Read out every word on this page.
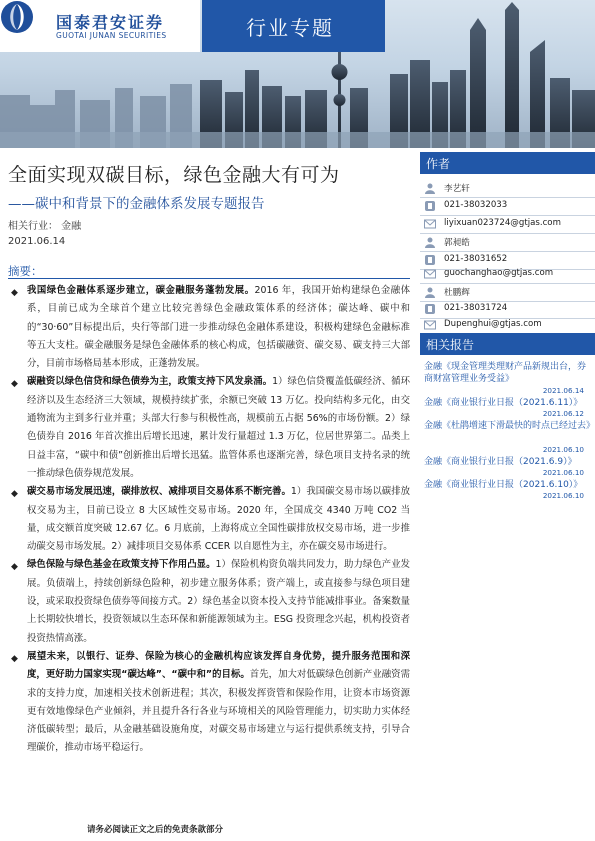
国泰君安证券
GUOTAI JUNAN SECURITIES	行业专题
全面实现双碳目标，绿色金融大有可为
——碳中和背景下的金融体系发展专题报告
相关行业： 金融
2021.06.14
摘要：
◆ 我国绿色金融体系逐步建立，碳金融服务蓬勃发展。2016 年，我国开始构建绿色金融体系，目前已成为全球首个建立比较完善绿色金融政策体系的经济体；碳达峰、碳中和的“30·60”目标提出后，央行等部门进一步推动绿色金融体系建设，积极构建绿色金融标准等五大支柱。碳金融服务是绿色金融体系的核心构成，包括碳融资、碳交易、碳支持三大部分，目前市场格局基本形成，正蓬勃发展。
◆ 碳融资以绿色信贷和绿色债券为主，政策支持下风发泉涌。1）绿色信贷覆盖低碳经济、循环经济以及生态经济三大领域，规模持续扩张，余额已突破 13 万亿。投向结构多元化，由交通物流为主到多行业并重；头部大行参与积极性高，规模前五占据 56%的市场份额。2）绿色债券自 2016 年首次推出后增长迅速，累计发行量超过 1.3 万亿，位居世界第二。品类上日益丰富，“碳中和债”创新推出后增长迅猛。监管体系也逐渐完善，绿色项目支持名录的统一推动绿色债券规范发展。
◆ 碳交易市场发展迅速，碳排放权、减排项目交易体系不断完善。1）我国碳交易市场以碳排放权交易为主，目前已设立 8 大区域性交易市场。2020 年，全国成交 4340 万吨 CO2 当量，成交额首度突破 12.67 亿。6 月底前，上海将成立全国性碳排放权交易市场，进一步推动碳交易市场发展。2）减排项目交易体系 CCER 以自愿性为主，亦在碳交易市场进行。
◆ 绿色保险与绿色基金在政策支持下作用凸显。1）保险机构资负端共同发力，助力绿色产业发展。负债端上，持续创新绿色险种，初步建立服务体系；资产端上，或直接参与绿色项目建设，或采取投资绿色债券等间接方式。2）绿色基金以资本投入支持节能减排事业。备案数量上长期较快增长，投资领域以生态环保和新能源领域为主。ESG 投资理念兴起，机构投资者投资热情高涨。
◆ 展望未来，以银行、证券、保险为核心的金融机构应该发挥自身优势，提升服务范围和深度，更好助力国家实现“碳达峰”、“碳中和”的目标。首先，加大对低碳绿色创新产业融资需求的支持力度，加速相关技术创新进程；其次，积极发挥资管和保险作用，让资本市场资源更有效地像绿色产业倾斜，并且提升各行各业与环境相关的风险管理能力，切实助力实体经济低碳转型；最后，从金融基础设施角度，对碳交易市场建立与运行提供系统支持，引导合理碳价，推动市场平稳运行。
请务必阅读正文之后的免责条款部分
作者
李艺轩
021-38032033
liyixuan023724@gtjas.com
郭昶皓
021-38031652
guochanghao@gtjas.com
杜鹏辉
021-38031724
Dupenghui@gtjas.com
相关报告
金融《现金管理类理财产品新规出台，券商财富管理业务受益》
2021.06.14
金融《商业银行业日报（2021.6.11）》
2021.06.12
金融《杜鹃增速下滑最快的时点已经过去》
2021.06.10
金融《商业银行业日报（2021.6.9）》
2021.06.10
金融《商业银行业日报（2021.6.10）》
2021.06.10
